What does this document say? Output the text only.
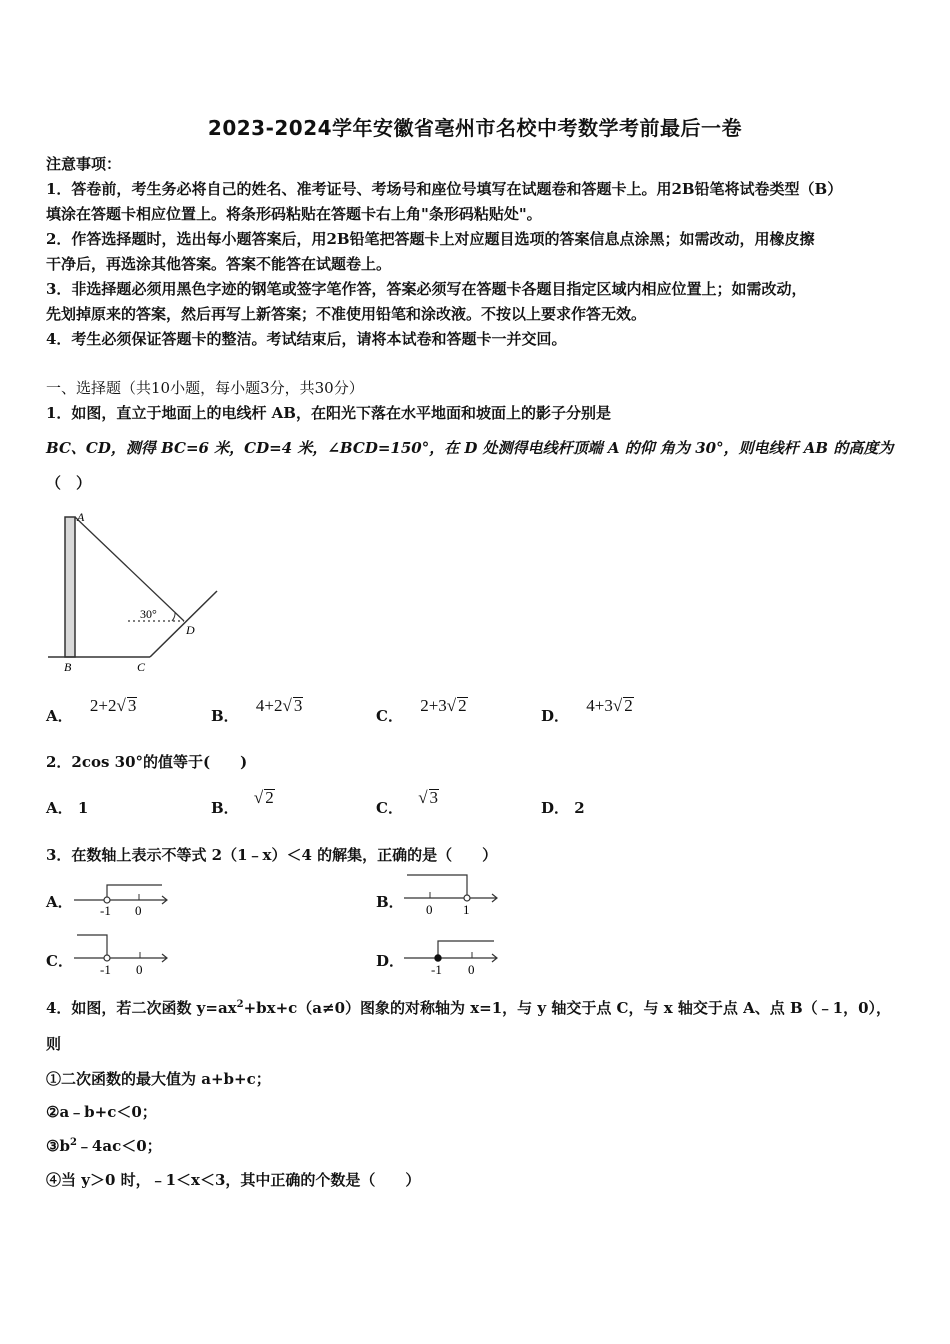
2023-2024学年安徽省亳州市名校中考数学考前最后一卷
注意事项：
1．答卷前，考生务必将自己的姓名、准考证号、考场号和座位号填写在试题卷和答题卡上。用2B铅笔将试卷类型（B）
填涂在答题卡相应位置上。将条形码粘贴在答题卡右上角"条形码粘贴处"。
2．作答选择题时，选出每小题答案后，用2B铅笔把答题卡上对应题目选项的答案信息点涂黑；如需改动，用橡皮擦
干净后，再选涂其他答案。答案不能答在试题卷上。
3．非选择题必须用黑色字迹的钢笔或签字笔作答，答案必须写在答题卡各题目指定区域内相应位置上；如需改动，
先划掉原来的答案，然后再写上新答案；不准使用铅笔和涂改液。不按以上要求作答无效。
4．考生必须保证答题卡的整洁。考试结束后，请将本试卷和答题卡一并交回。
一、选择题（共10小题，每小题3分，共30分）
1．如图，直立于地面上的电线杆 AB，在阳光下落在水平地面和坡面上的影子分别是
BC、CD，测得 BC=6 米，CD=4 米，∠BCD=150°，在 D 处测得电线杆顶端 A 的仰 角为 30°，则电线杆 AB 的高度为
（　）
A
B	C
D
30°
A． 2+2√ 3
B． 4+2√ 3
C． 2+3√ 2
D． 4+3√ 2
2．2cos 30°的值等于(　　)
A． 1	B． √ 2
C． √ 3
D． 2
3．在数轴上表示不等式 2（1﹣x）＜4 的解集，正确的是（　　）
A． -1 0	B． 0 1
C． -1 0	D． -1 0
4．如图，若二次函数 $y=ax^2+bx+c(a\ne 0)$图象的对称轴为 x=1，与 y 轴交于点 C，与 x 轴交于点 A、点 B（﹣1，0），
则
①二次函数的最大值为 a+b+c；
②a﹣b+c＜0；
$③b^2﹣4ac<0$；
④当 y＞0 时，﹣1＜x＜3，其中正确的个数是（　　）
